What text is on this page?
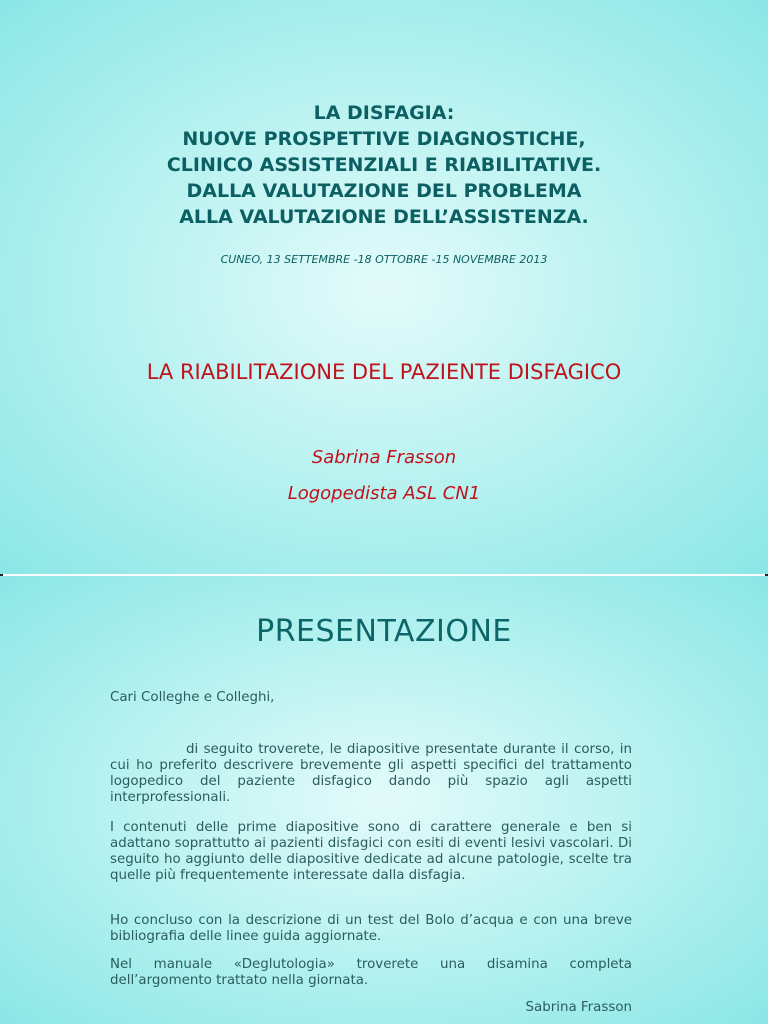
LA DISFAGIA:
NUOVE PROSPETTIVE DIAGNOSTICHE,
CLINICO ASSISTENZIALI E RIABILITATIVE.
DALLA VALUTAZIONE DEL PROBLEMA
ALLA VALUTAZIONE DELL’ASSISTENZA.
CUNEO, 13 SETTEMBRE -18 OTTOBRE -15 NOVEMBRE 2013
LA RIABILITAZIONE DEL PAZIENTE DISFAGICO
Sabrina Frasson
Logopedista ASL CN1
PRESENTAZIONE
Cari Colleghe e Colleghi,
di seguito troverete, le diapositive presentate durante il corso, in cui ho preferito descrivere brevemente gli aspetti specifici del trattamento logopedico del paziente disfagico dando più spazio agli aspetti interprofessionali.
I contenuti delle prime diapositive sono di carattere generale e ben si adattano soprattutto ai pazienti disfagici con esiti di eventi lesivi vascolari. Di seguito ho aggiunto delle diapositive dedicate ad alcune patologie, scelte tra quelle più frequentemente interessate dalla disfagia.
Ho concluso con la descrizione di un test del Bolo d’acqua e con una breve bibliografia delle linee guida aggiornate.
Nel manuale «Deglutologia» troverete una disamina completa dell’argomento trattato nella giornata.
Sabrina Frasson
